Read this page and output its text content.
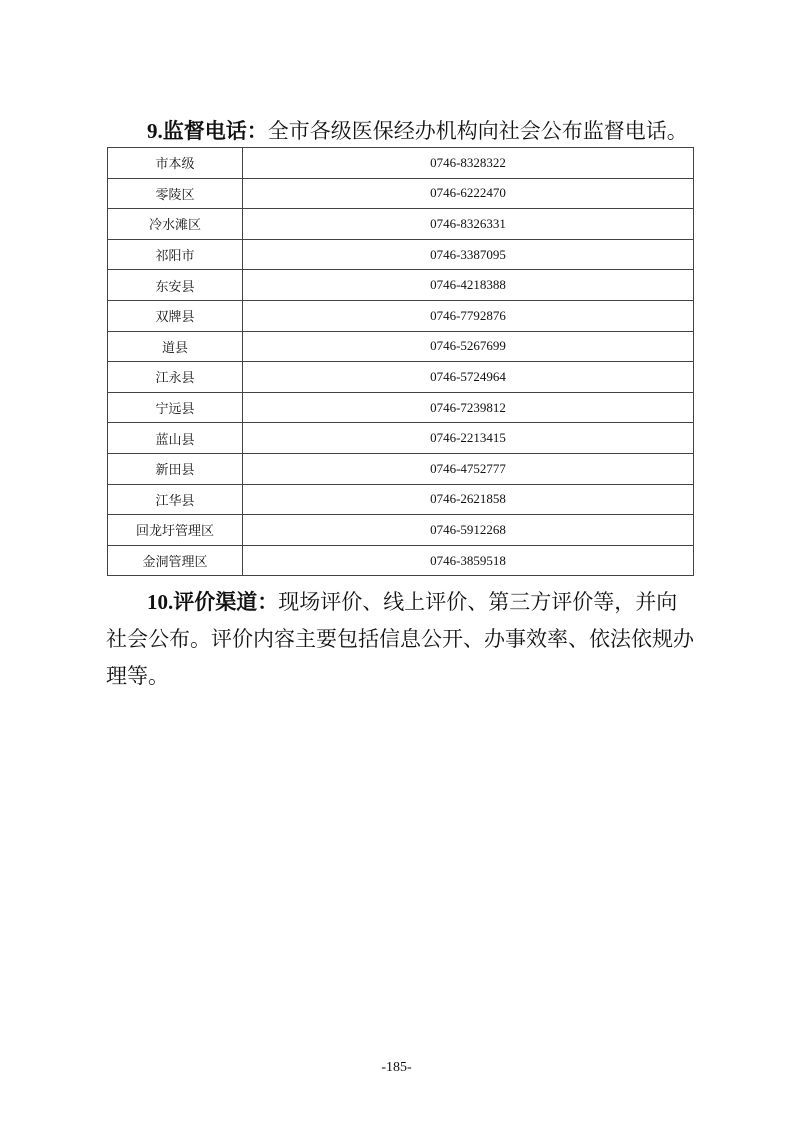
9.监督电话：全市各级医保经办机构向社会公布监督电话。

市本级	0746-8328322
零陵区	0746-6222470
冷水滩区	0746-8326331
祁阳市	0746-3387095
东安县	0746-4218388
双牌县	0746-7792876
道县	0746-5267699
江永县	0746-5724964
宁远县	0746-7239812
蓝山县	0746-2213415
新田县	0746-4752777
江华县	0746-2621858
回龙圩管理区	0746-5912268
金洞管理区	0746-3859518

10.评价渠道：现场评价、线上评价、第三方评价等，并向社会公布。评价内容主要包括信息公开、办事效率、依法依规办理等。

-185-
